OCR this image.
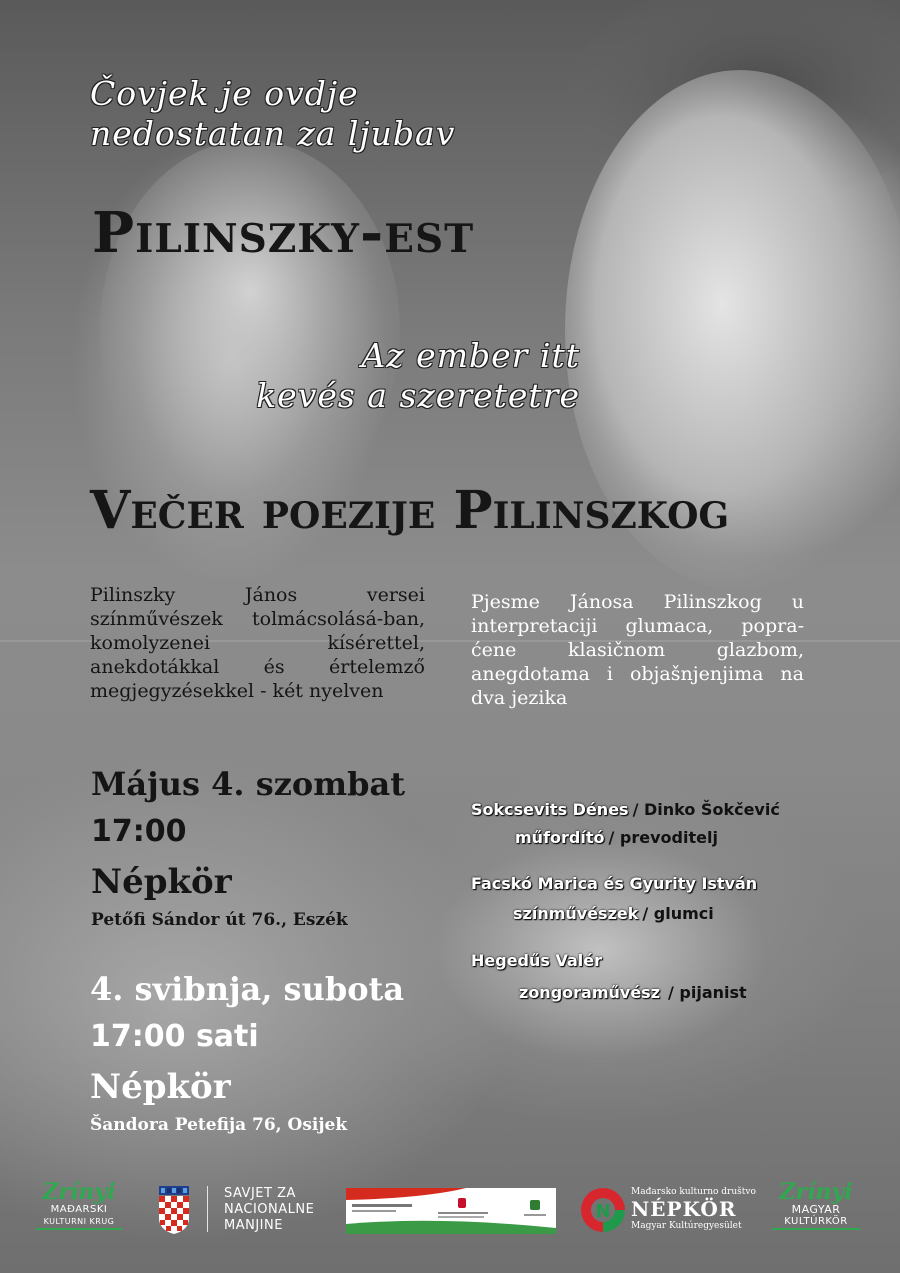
Čovjek je ovdje
nedostatan za ljubav
Pilinszky-est
Az ember itt
kevés a szeretetre
Večer poezije Pilinszkog
Pilinszky János versei színművészek tolmácsolásá-ban, komolyzenei kísérettel, anekdotákkal és értelemző megjegyzésekkel - két nyelven
Pjesme Jánosa Pilinszkog u interpretaciji glumaca, popra-ćene klasičnom glazbom, anegdotama i objašnjenjima na dva jezika
Május 4. szombat
17:00
Népkör
Petőfi Sándor út 76., Eszék
4. svibnja, subota
17:00 sati
Népkör
Šandora Petefija 76, Osijek
Sokcsevits Dénes / Dinko Šokčević
műfordító / prevoditelj
Facskó Marica és Gyurity István
színművészek / glumci
Hegedűs Valér
zongoraművész / pijanist
Zrínyi
MAĐARSKI
KULTURNI KRUG
SAVJET ZA
NACIONALNE
MANJINE
N
Mađarsko kulturno društvo
NÉPKÖR
Magyar Kultúregyesület
Zrínyi
MAGYAR
KULTÚRKÖR
